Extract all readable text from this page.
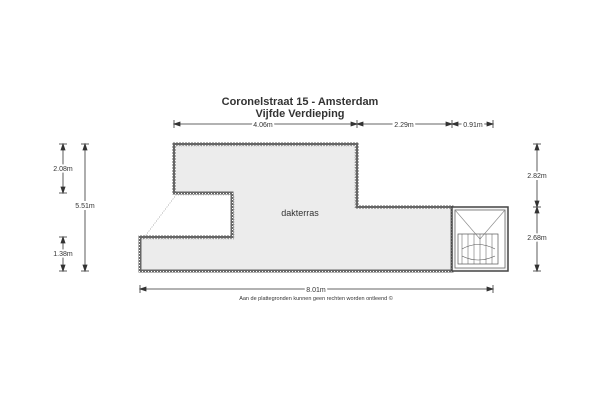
Coronelstraat 15 - Amsterdam
Vijfde Verdieping
dakterras
4.06m	2.29m	0.91m
2.08m
5.51m
1.38m
2.82m
2.68m
8.01m
Aan de plattegronden kunnen geen rechten worden ontleend ©
